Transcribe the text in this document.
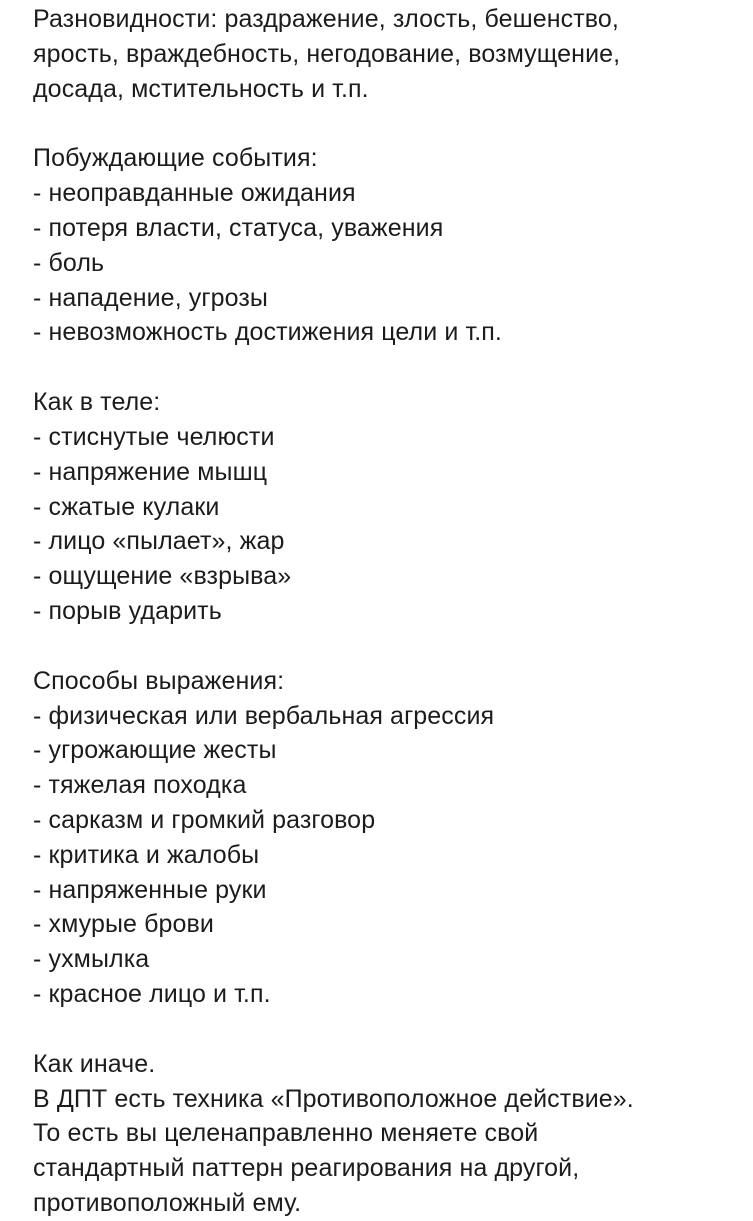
Разновидности: раздражение, злость, бешенство,

ярость, враждебность, негодование, возмущение,

досада, мстительность и т.п.

Побуждающие события:

- неоправданные ожидания

- потеря власти, статуса, уважения

- боль

- нападение, угрозы

- невозможность достижения цели и т.п.

Как в теле:

- стиснутые челюсти

- напряжение мышц

- сжатые кулаки

- лицо «пылает», жар

- ощущение «взрыва»

- порыв ударить

Способы выражения:

- физическая или вербальная агрессия

- угрожающие жесты

- тяжелая походка

- сарказм и громкий разговор

- критика и жалобы

- напряженные руки

- хмурые брови

- ухмылка

- красное лицо и т.п.

Как иначе.

В ДПТ есть техника «Противоположное действие».

То есть вы целенаправленно меняете свой

стандартный паттерн реагирования на другой,

противоположный ему.
